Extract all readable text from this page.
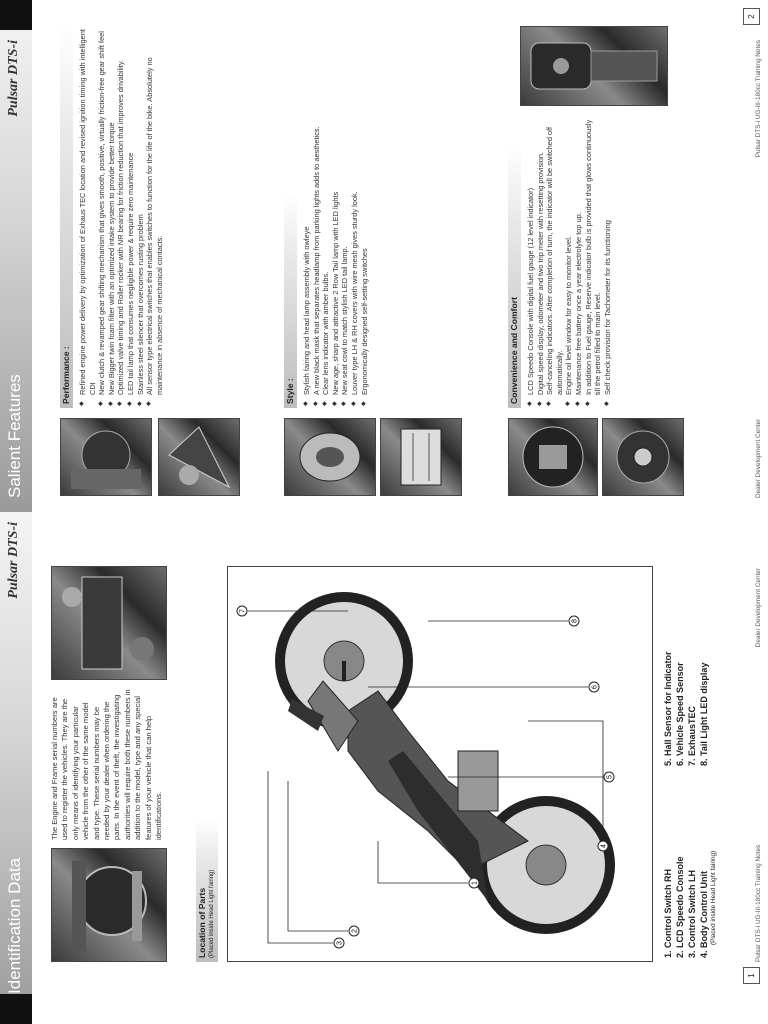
Identification Data
Pulsar DTS-i
The Engine and Frame serial numbers are used to register the vehicles. They are the only means of identifying your particular vehicle from the other of the same model and type. These serial numbers may be needed by your dealer when ordering the parts. In the event of theft, the investigating authorities will require both these numbers in addition to the model, type and any special features of your vehicle that can help identifications.
Location of Parts (Placed inside Head Light fairing)	1
2
3
4
5
6
7
8
1. Control Switch RH
2. LCD Speedo Console
3. Control Switch LH
4. Body Control Unit (Placed inside Head Light fairing)
5. Hall Sensor for Indicator
6. Vehicle Speed Sensor
7. ExhausTEC
8. Tail Light LED display
1
Pulsar DTS-i UG-III-180cc Training Notes
Dealer Development Center
Salient Features
Pulsar DTS-i
Performance : ◆ Refined engine power delivery by optimization of Exhaus TEC location and revised ignition timing with intelligent CDI ◆ New clutch & revamped gear shifting mechanism that gives smooth, positive, virtually friction-free gear shift feel ◆ New Bigger twin foam filter with an optimized intake system to provide better torque ◆ Optimized valve timing and Roller rocker with NR bearing for friction reduction that improves drivability. ◆ LED tail lamp that consumes negligible power & require zero maintenance ◆ Stainless steel silencer that overcomes rusting problem ◆ All sensor type electrical switches that enables switches to function for the life of the bike. Absolutely no maintenance in absence of mechanical contacts.	Style : ◆ Stylish fairing and head lamp assembly with owleye ◆ A new black mask that separates headlamp from parking lights adds to aesthetics. ◆ Clear lens indicator with amber bulbs. ◆ New age, sharp and attractive 2 Row Tail lamp with LED lights ◆ New seat cowl to match stylish LED tail lamp. ◆ Louver type LH & RH covers with wire mesh gives sturdy look. ◆ Ergonomically designed self-setting switches	Convenience and Comfort ◆ LCD Speedo Console with digital fuel gauge (12 level indicator) ◆ Digital speed display, odometer and two trip meter with resetting provision. ◆ Self-canceling indicators. After completion of turn, the indicator will be switched off automatically. ◆ Engine oil level window for easy to monitor level. ◆ Maintenance free battery once a year electrolyte top up. ◆ In addition to Fuel gauge, Reserve indicator bulb is provided that glows continuously till the petrol filled to main level. ◆ Self check provision for Tachometer for its functioning
Dealer Development Center
Pulsar DTS-i UG-III-180cc Training Notes
2
